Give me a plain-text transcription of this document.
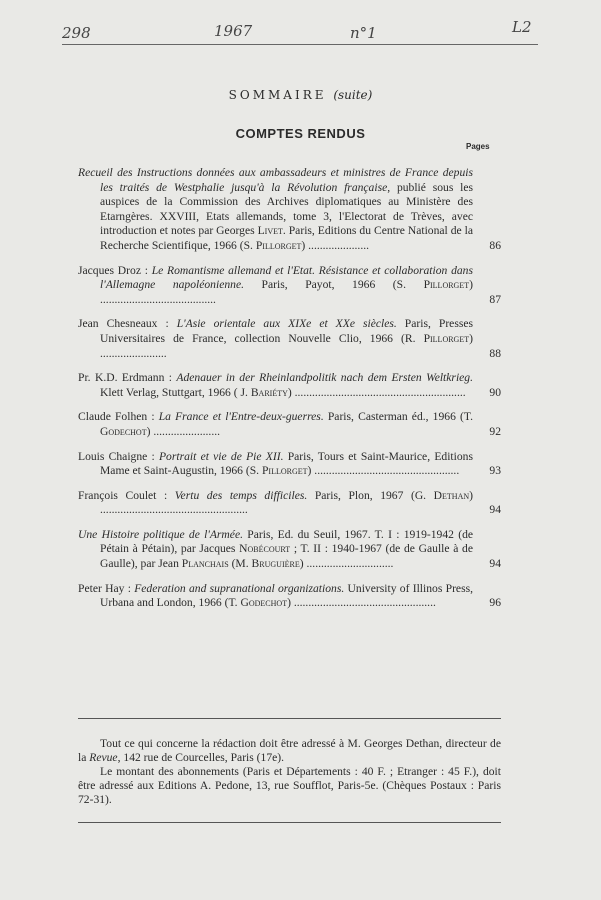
298	1967	n°1	L2
SOMMAIRE (suite)
COMPTES RENDUS
Pages
Recueil des Instructions données aux ambassadeurs et ministres de France depuis les traités de Westphalie jusqu'à la Révolution française, publié sous les auspices de la Commission des Archives diplomatiques au Ministère des Etarngères. XXVIII, Etats allemands, tome 3, l'Electorat de Trèves, avec introduction et notes par Georges Livet. Paris, Editions du Centre National de la Recherche Scientifique, 1966 (S. Pillorget) .....................	86
Jacques Droz : Le Romantisme allemand et l'Etat. Résistance et collaboration dans l'Allemagne napoléonienne. Paris, Payot, 1966 (S. Pillorget) ........................................	87
Jean Chesneaux : L'Asie orientale aux XIXe et XXe siècles. Paris, Presses Universitaires de France, collection Nouvelle Clio, 1966 (R. Pillorget) .......................	88
Pr. K.D. Erdmann : Adenauer in der Rheinlandpolitik nach dem Ersten Weltkrieg. Klett Verlag, Stuttgart, 1966 ( J. Bariéty) ........................................................... 90
Claude Folhen : La France et l'Entre-deux-guerres. Paris, Casterman éd., 1966 (T. Godechot) .......................	92
Louis Chaigne : Portrait et vie de Pie XII. Paris, Tours et Saint-Maurice, Editions Mame et Saint-Augustin, 1966 (S. Pillorget) ..................................................	93
François Coulet : Vertu des temps difficiles. Paris, Plon, 1967 (G. Dethan) ...................................................	94
Une Histoire politique de l'Armée. Paris, Ed. du Seuil, 1967. T. I : 1919-1942 (de Pétain à Pétain), par Jacques Nobécourt ; T. II : 1940-1967 (de de Gaulle à de Gaulle), par Jean Planchais (M. Bruguière) ..............................	94
Peter Hay : Federation and supranational organizations. University of Illinos Press, Urbana and London, 1966 (T. Godechot) .................................................	96

Tout ce qui concerne la rédaction doit être adressé à M. Georges Dethan, directeur de la Revue, 142 rue de Courcelles, Paris (17e).

Le montant des abonnements (Paris et Départements : 40 F. ; Etranger : 45 F.), doit être adressé aux Editions A. Pedone, 13, rue Soufflot, Paris-5e. (Chèques Postaux : Paris 72-31).
